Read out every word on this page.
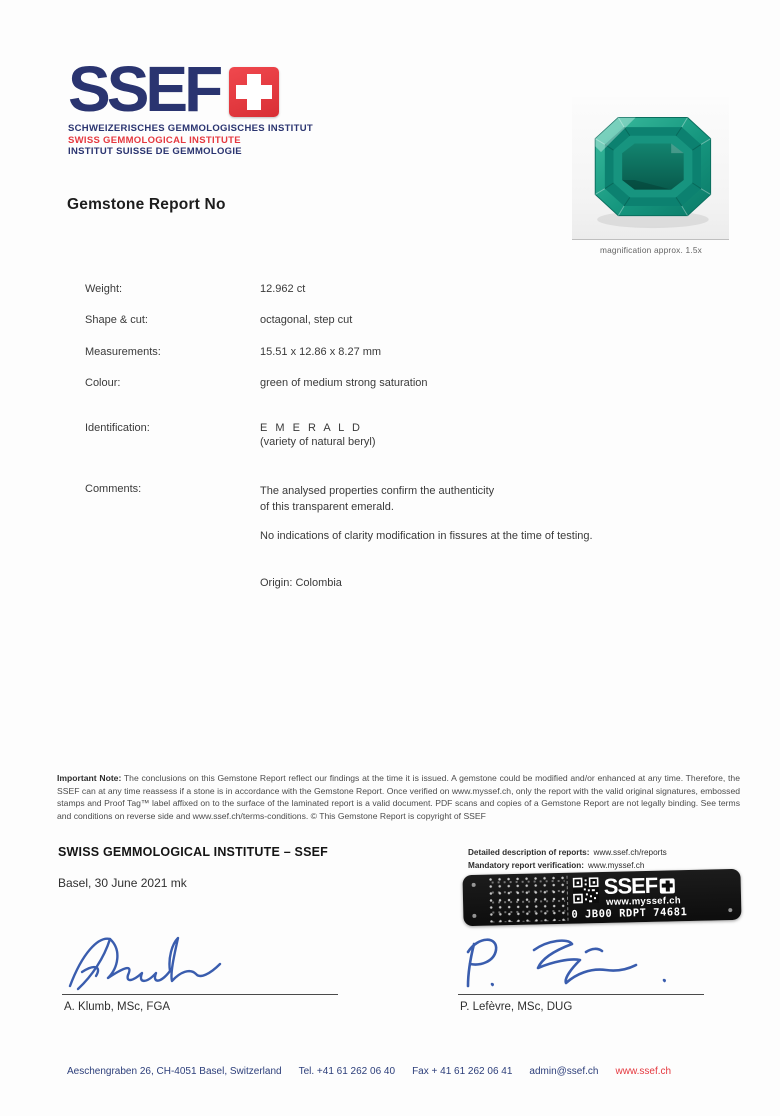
SSEF
SCHWEIZERISCHES GEMMOLOGISCHES INSTITUT
SWISS GEMMOLOGICAL INSTITUTE
INSTITUT SUISSE DE GEMMOLOGIE
Gemstone Report No
magnification approx. 1.5x
Weight:	12.962 ct
Shape & cut:	octagonal, step cut
Measurements:	15.51 x 12.86 x 8.27 mm
Colour:	green of medium strong saturation
Identification:	E M E R A L D
(variety of natural beryl)
Comments:	The analysed properties confirm the authenticity
of this transparent emerald.
No indications of clarity modification in fissures at the time of testing.
Origin: Colombia
Important Note: The conclusions on this Gemstone Report reflect our findings at the time it is issued. A gemstone could be modified and/or enhanced at any time. Therefore, the SSEF can at any time reassess if a stone is in accordance with the Gemstone Report. Once verified on www.myssef.ch, only the report with the valid original signatures, embossed stamps and Proof Tag™ label affixed on to the surface of the laminated report is a valid document. PDF scans and copies of a Gemstone Report are not legally binding. See terms and conditions on reverse side and www.ssef.ch/terms-conditions. © This Gemstone Report is copyright of SSEF
SWISS GEMMOLOGICAL INSTITUTE – SSEF
Basel, 30 June 2021 mk
Detailed description of reports: www.ssef.ch/reports
Mandatory report verification: www.myssef.ch
SSEF
www.myssef.ch
0 JB00 RDPT 74681
A. Klumb, MSc, FGA	P. Lefèvre, MSc, DUG
Aeschengraben 26, CH-4051 Basel, Switzerland Tel. +41 61 262 06 40 Fax + 41 61 262 06 41 admin@ssef.ch www.ssef.ch
